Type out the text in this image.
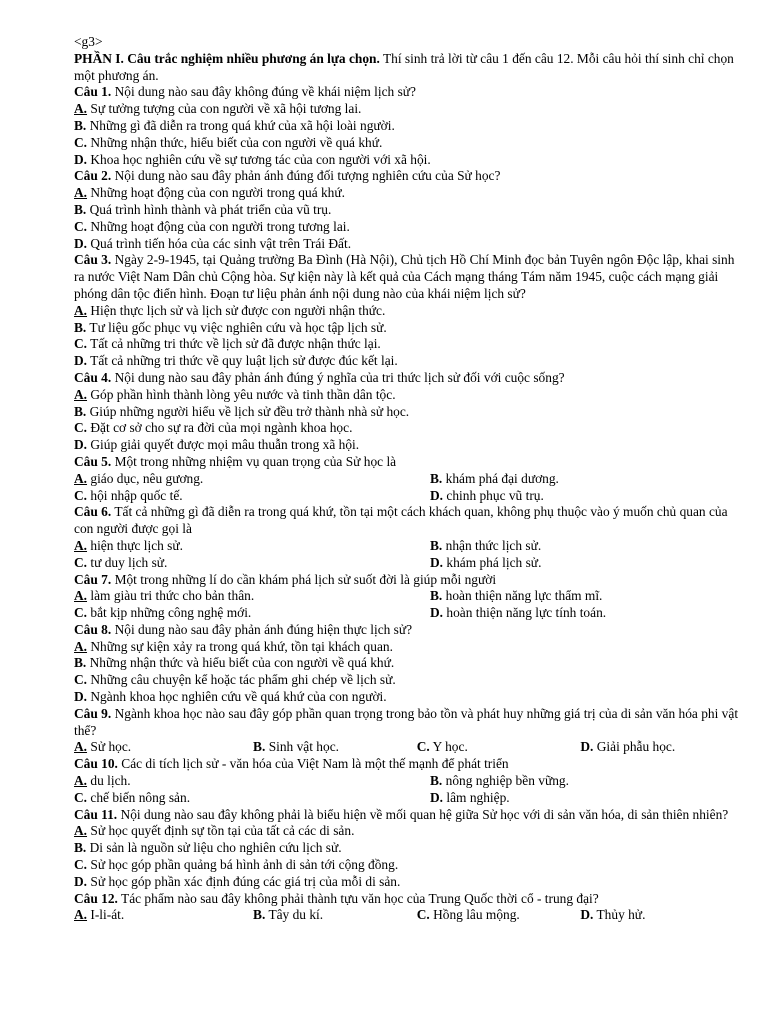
<g3>
PHẦN I. Câu trắc nghiệm nhiều phương án lựa chọn. Thí sinh trả lời từ câu 1 đến câu 12. Mỗi câu hỏi thí sinh chỉ chọn một phương án.
Câu 1. Nội dung nào sau đây không đúng về khái niệm lịch sử?
A. Sự tưởng tượng của con người về xã hội tương lai.
B. Những gì đã diễn ra trong quá khứ của xã hội loài người.
C. Những nhận thức, hiểu biết của con người về quá khứ.
D. Khoa học nghiên cứu về sự tương tác của con người với xã hội.
Câu 2. Nội dung nào sau đây phản ánh đúng đối tượng nghiên cứu của Sử học?
A. Những hoạt động của con người trong quá khứ.
B. Quá trình hình thành và phát triển của vũ trụ.
C. Những hoạt động của con người trong tương lai.
D. Quá trình tiến hóa của các sinh vật trên Trái Đất.
Câu 3. Ngày 2-9-1945, tại Quảng trường Ba Đình (Hà Nội), Chủ tịch Hồ Chí Minh đọc bản Tuyên ngôn Độc lập, khai sinh ra nước Việt Nam Dân chủ Cộng hòa. Sự kiện này là kết quả của Cách mạng tháng Tám năm 1945, cuộc cách mạng giải phóng dân tộc điển hình. Đoạn tư liệu phản ánh nội dung nào của khái niệm lịch sử?
A. Hiện thực lịch sử và lịch sử được con người nhận thức.
B. Tư liệu gốc phục vụ việc nghiên cứu và học tập lịch sử.
C. Tất cả những tri thức về lịch sử đã được nhận thức lại.
D. Tất cả những tri thức về quy luật lịch sử được đúc kết lại.
Câu 4. Nội dung nào sau đây phản ánh đúng ý nghĩa của tri thức lịch sử đối với cuộc sống?
A. Góp phần hình thành lòng yêu nước và tinh thần dân tộc.
B. Giúp những người hiểu về lịch sử đều trở thành nhà sử học.
C. Đặt cơ sở cho sự ra đời của mọi ngành khoa học.
D. Giúp giải quyết được mọi mâu thuẫn trong xã hội.
Câu 5. Một trong những nhiệm vụ quan trọng của Sử học là
A. giáo dục, nêu gương.	B. khám phá đại dương.
C. hội nhập quốc tế.	D. chinh phục vũ trụ.
Câu 6. Tất cả những gì đã diễn ra trong quá khứ, tồn tại một cách khách quan, không phụ thuộc vào ý muốn chủ quan của con người được gọi là
A. hiện thực lịch sử.	B. nhận thức lịch sử.
C. tư duy lịch sử.	D. khám phá lịch sử.
Câu 7. Một trong những lí do cần khám phá lịch sử suốt đời là giúp mỗi người
A. làm giàu tri thức cho bản thân.	B. hoàn thiện năng lực thẩm mĩ.
C. bắt kịp những công nghệ mới.	D. hoàn thiện năng lực tính toán.
Câu 8. Nội dung nào sau đây phản ánh đúng hiện thực lịch sử?
A. Những sự kiện xảy ra trong quá khứ, tồn tại khách quan.
B. Những nhận thức và hiểu biết của con người về quá khứ.
C. Những câu chuyện kể hoặc tác phẩm ghi chép về lịch sử.
D. Ngành khoa học nghiên cứu về quá khứ của con người.
Câu 9. Ngành khoa học nào sau đây góp phần quan trọng trong bảo tồn và phát huy những giá trị của di sản văn hóa phi vật thể?
A. Sử học.	B. Sinh vật học.	C. Y học.	D. Giải phẫu học.
Câu 10. Các di tích lịch sử - văn hóa của Việt Nam là một thế mạnh để phát triển
A. du lịch.	B. nông nghiệp bền vững.
C. chế biến nông sản.	D. lâm nghiệp.
Câu 11. Nội dung nào sau đây không phải là biểu hiện về mối quan hệ giữa Sử học với di sản văn hóa, di sản thiên nhiên?
A. Sử học quyết định sự tồn tại của tất cả các di sản.
B. Di sản là nguồn sử liệu cho nghiên cứu lịch sử.
C. Sử học góp phần quảng bá hình ảnh di sản tới cộng đồng.
D. Sử học góp phần xác định đúng các giá trị của mỗi di sản.
Câu 12. Tác phẩm nào sau đây không phải thành tựu văn học của Trung Quốc thời cổ - trung đại?
A. I-li-át.	B. Tây du kí.	C. Hồng lâu mộng.	D. Thủy hử.
